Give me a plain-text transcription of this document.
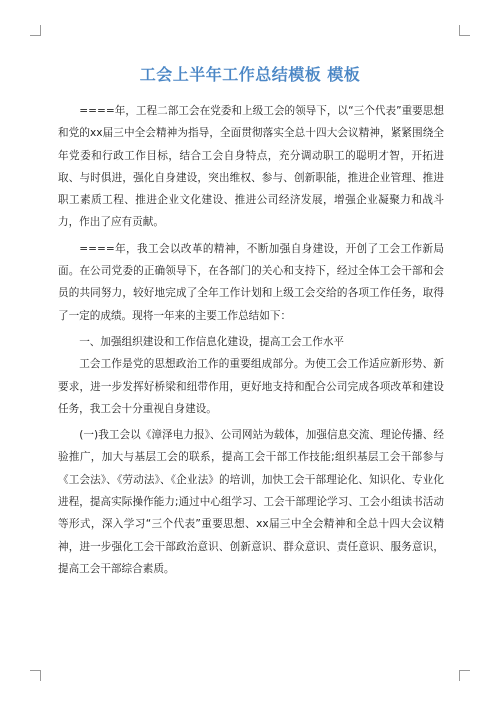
工会上半年工作总结模板 模板

====年，工程二部工会在党委和上级工会的领导下，以“三个代表”重要思想和党的xx届三中全会精神为指导，全面贯彻落实全总十四大会议精神，紧紧围绕全年党委和行政工作目标，结合工会自身特点，充分调动职工的聪明才智，开拓进取、与时俱进，强化自身建设，突出维权、参与、创新职能，推进企业管理、推进职工素质工程、推进企业文化建设、推进公司经济发展，增强企业凝聚力和战斗力，作出了应有贡献。

====年，我工会以改革的精神，不断加强自身建设，开创了工会工作新局面。在公司党委的正确领导下，在各部门的关心和支持下，经过全体工会干部和会员的共同努力，较好地完成了全年工作计划和上级工会交给的各项工作任务，取得了一定的成绩。现将一年来的主要工作总结如下：

一、加强组织建设和工作信息化建设，提高工会工作水平

工会工作是党的思想政治工作的重要组成部分。为使工会工作适应新形势、新要求，进一步发挥好桥梁和纽带作用，更好地支持和配合公司完成各项改革和建设任务，我工会十分重视自身建设。

(一)我工会以《漳泽电力报》、公司网站为载体，加强信息交流、理论传播、经验推广，加大与基层工会的联系，提高工会干部工作技能;组织基层工会干部参与《工会法》、《劳动法》、《企业法》的培训，加快工会干部理论化、知识化、专业化进程，提高实际操作能力;通过中心组学习、工会干部理论学习、工会小组读书活动等形式，深入学习“三个代表”重要思想、xx届三中全会精神和全总十四大会议精神，进一步强化工会干部政治意识、创新意识、群众意识、责任意识、服务意识，提高工会干部综合素质。
